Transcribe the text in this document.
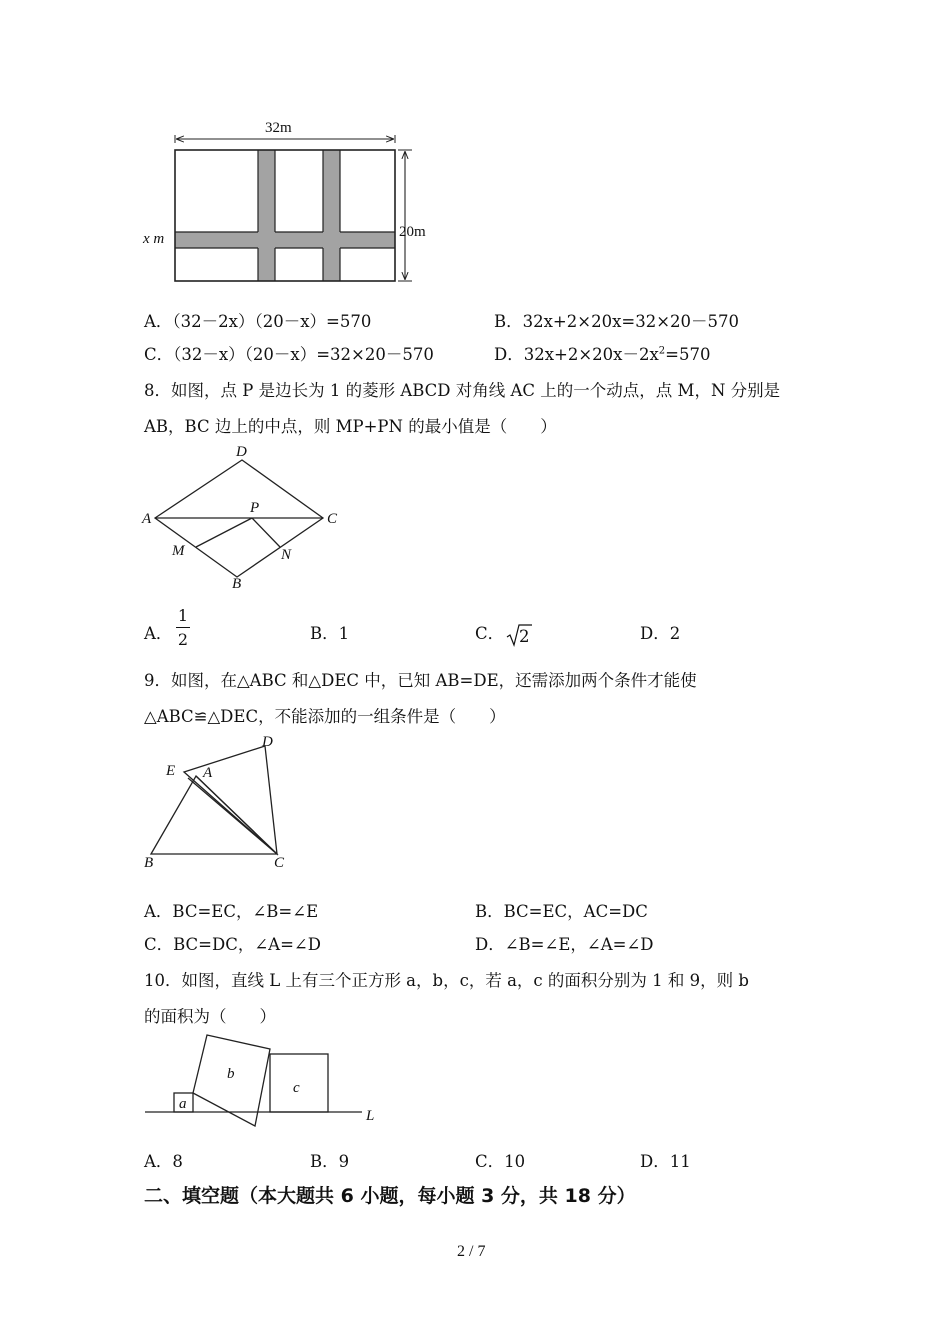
32m
20m
x m
A．（32－2x）（20－x）=570	B．32x+2×20x=32×20－570
C．（32－x）（20－x）=32×20－570	D．$32x+2\times 20x-2x^2=570$
8．如图，点 P 是边长为 1 的菱形 ABCD 对角线 AC 上的一个动点，点 M，N 分别是
AB，BC 边上的中点，则 MP+PN 的最小值是（　　）
D
A	C
P
M	N
B
A．
1
2	B．1	C． 2	D．2
9．如图，在△ABC 和△DEC 中，已知 AB=DE，还需添加两个条件才能使
△ABC≌△DEC，不能添加的一组条件是（　　）
D
E A
B	C
A．BC=EC，∠B=∠E	B．BC=EC，AC=DC
C．BC=DC，∠A=∠D	D．∠B=∠E，∠A=∠D
10．如图，直线 L 上有三个正方形 a，b，c，若 a，c 的面积分别为 1 和 9，则 b
的面积为（　　）
a
b
c
L
A．8	B．9	C．10	D．11
二、填空题（本大题共 6 小题，每小题 3 分，共 18 分）
2 / 7
